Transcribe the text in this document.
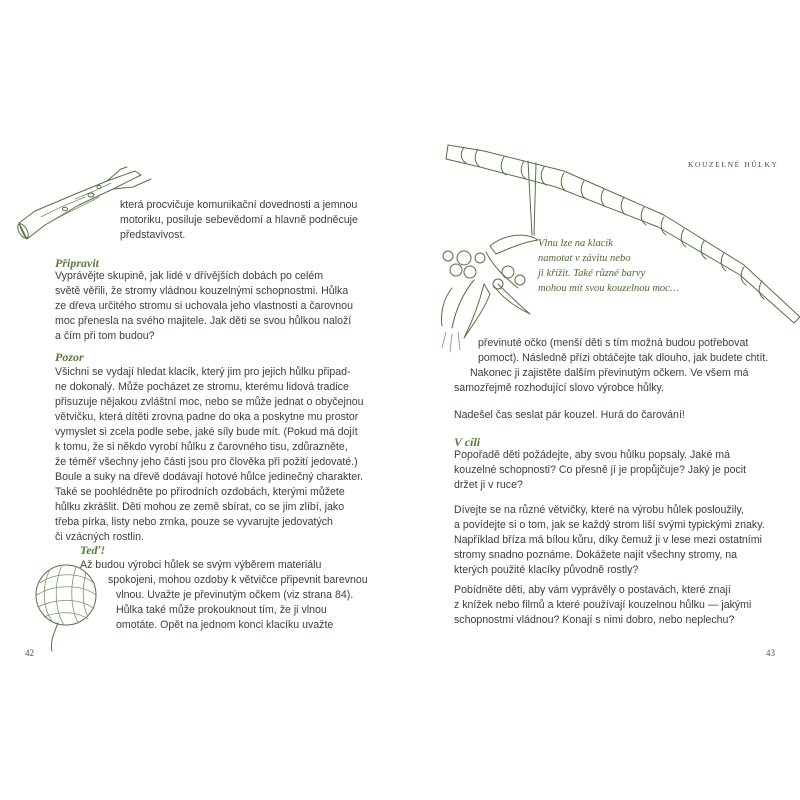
která procvičuje komunikační dovednosti a jemnou
motoriku, posiluje sebevědomí a hlavně podněcuje
představivost.
Připravit
Vyprávějte skupině, jak lidé v dřívějších dobách po celém
světě věřili, že stromy vládnou kouzelnými schopnostmi. Hůlka
ze dřeva určitého stromu si uchovala jeho vlastnosti a čarovnou
moc přenesla na svého majitele. Jak děti se svou hůlkou naloží
a čím při tom budou?
Pozor
Všichni se vydají hledat klacík, který jim pro jejich hůlku připad-
ne dokonalý. Může pocházet ze stromu, kterému lidová tradice
přisuzuje nějakou zvláštní moc, nebo se může jednat o obyčejnou
větvičku, která dítěti zrovna padne do oka a poskytne mu prostor
vymyslet si zcela podle sebe, jaké síly bude mít. (Pokud má dojít
k tomu, že si někdo vyrobí hůlku z čarovného tisu, zdůrazněte,
že téměř všechny jeho části jsou pro člověka při požití jedovaté.)
Boule a suky na dřevě dodávají hotové hůlce jedinečný charakter.
Také se poohlédněte po přírodních ozdobách, kterými můžete
hůlku zkrášlit. Děti mohou ze země sbírat, co se jim zlíbí, jako
třeba pírka, listy nebo zrnka, pouze se vyvarujte jedovatých
či vzácných rostlin.
Teď!
Až budou výrobci hůlek se svým výběrem materiálu
spokojeni, mohou ozdoby k větvičce připevnit barevnou
vlnou. Uvažte je převinutým očkem (viz strana 84).
Hůlka také může prokouknout tím, že ji vlnou
omotáte. Opět na jednom konci klacíku uvažte
42
KOUZELNÉ HŮLKY
Vlnu lze na klacík
namotat v závitu nebo
ji křížit. Také různé barvy
mohou mít svou kouzelnou moc…
převinuté očko (menší děti s tím možná budou potřebovat
pomoct). Následně přízi obtáčejte tak dlouho, jak budete chtít.
Nakonec ji zajistěte dalším převinutým očkem. Ve všem má
samozřejmě rozhodující slovo výrobce hůlky.
Nadešel čas seslat pár kouzel. Hurá do čarování!
V cíli
Popořadě děti požádejte, aby svou hůlku popsaly. Jaké má
kouzelné schopnosti? Co přesně jí je propůjčuje? Jaký je pocit
držet ji v ruce?
Dívejte se na různé větvičky, které na výrobu hůlek posloužily,
a povídejte si o tom, jak se každý strom liší svými typickými znaky.
Například bříza má bílou kůru, díky čemuž ji v lese mezi ostatními
stromy snadno poznáme. Dokážete najít všechny stromy, na
kterých použité klacíky původně rostly?
Pobídněte děti, aby vám vyprávěly o postavách, které znají
z knížek nebo filmů a které používají kouzelnou hůlku — jakými
schopnostmi vládnou? Konají s nimi dobro, nebo neplechu?
43
